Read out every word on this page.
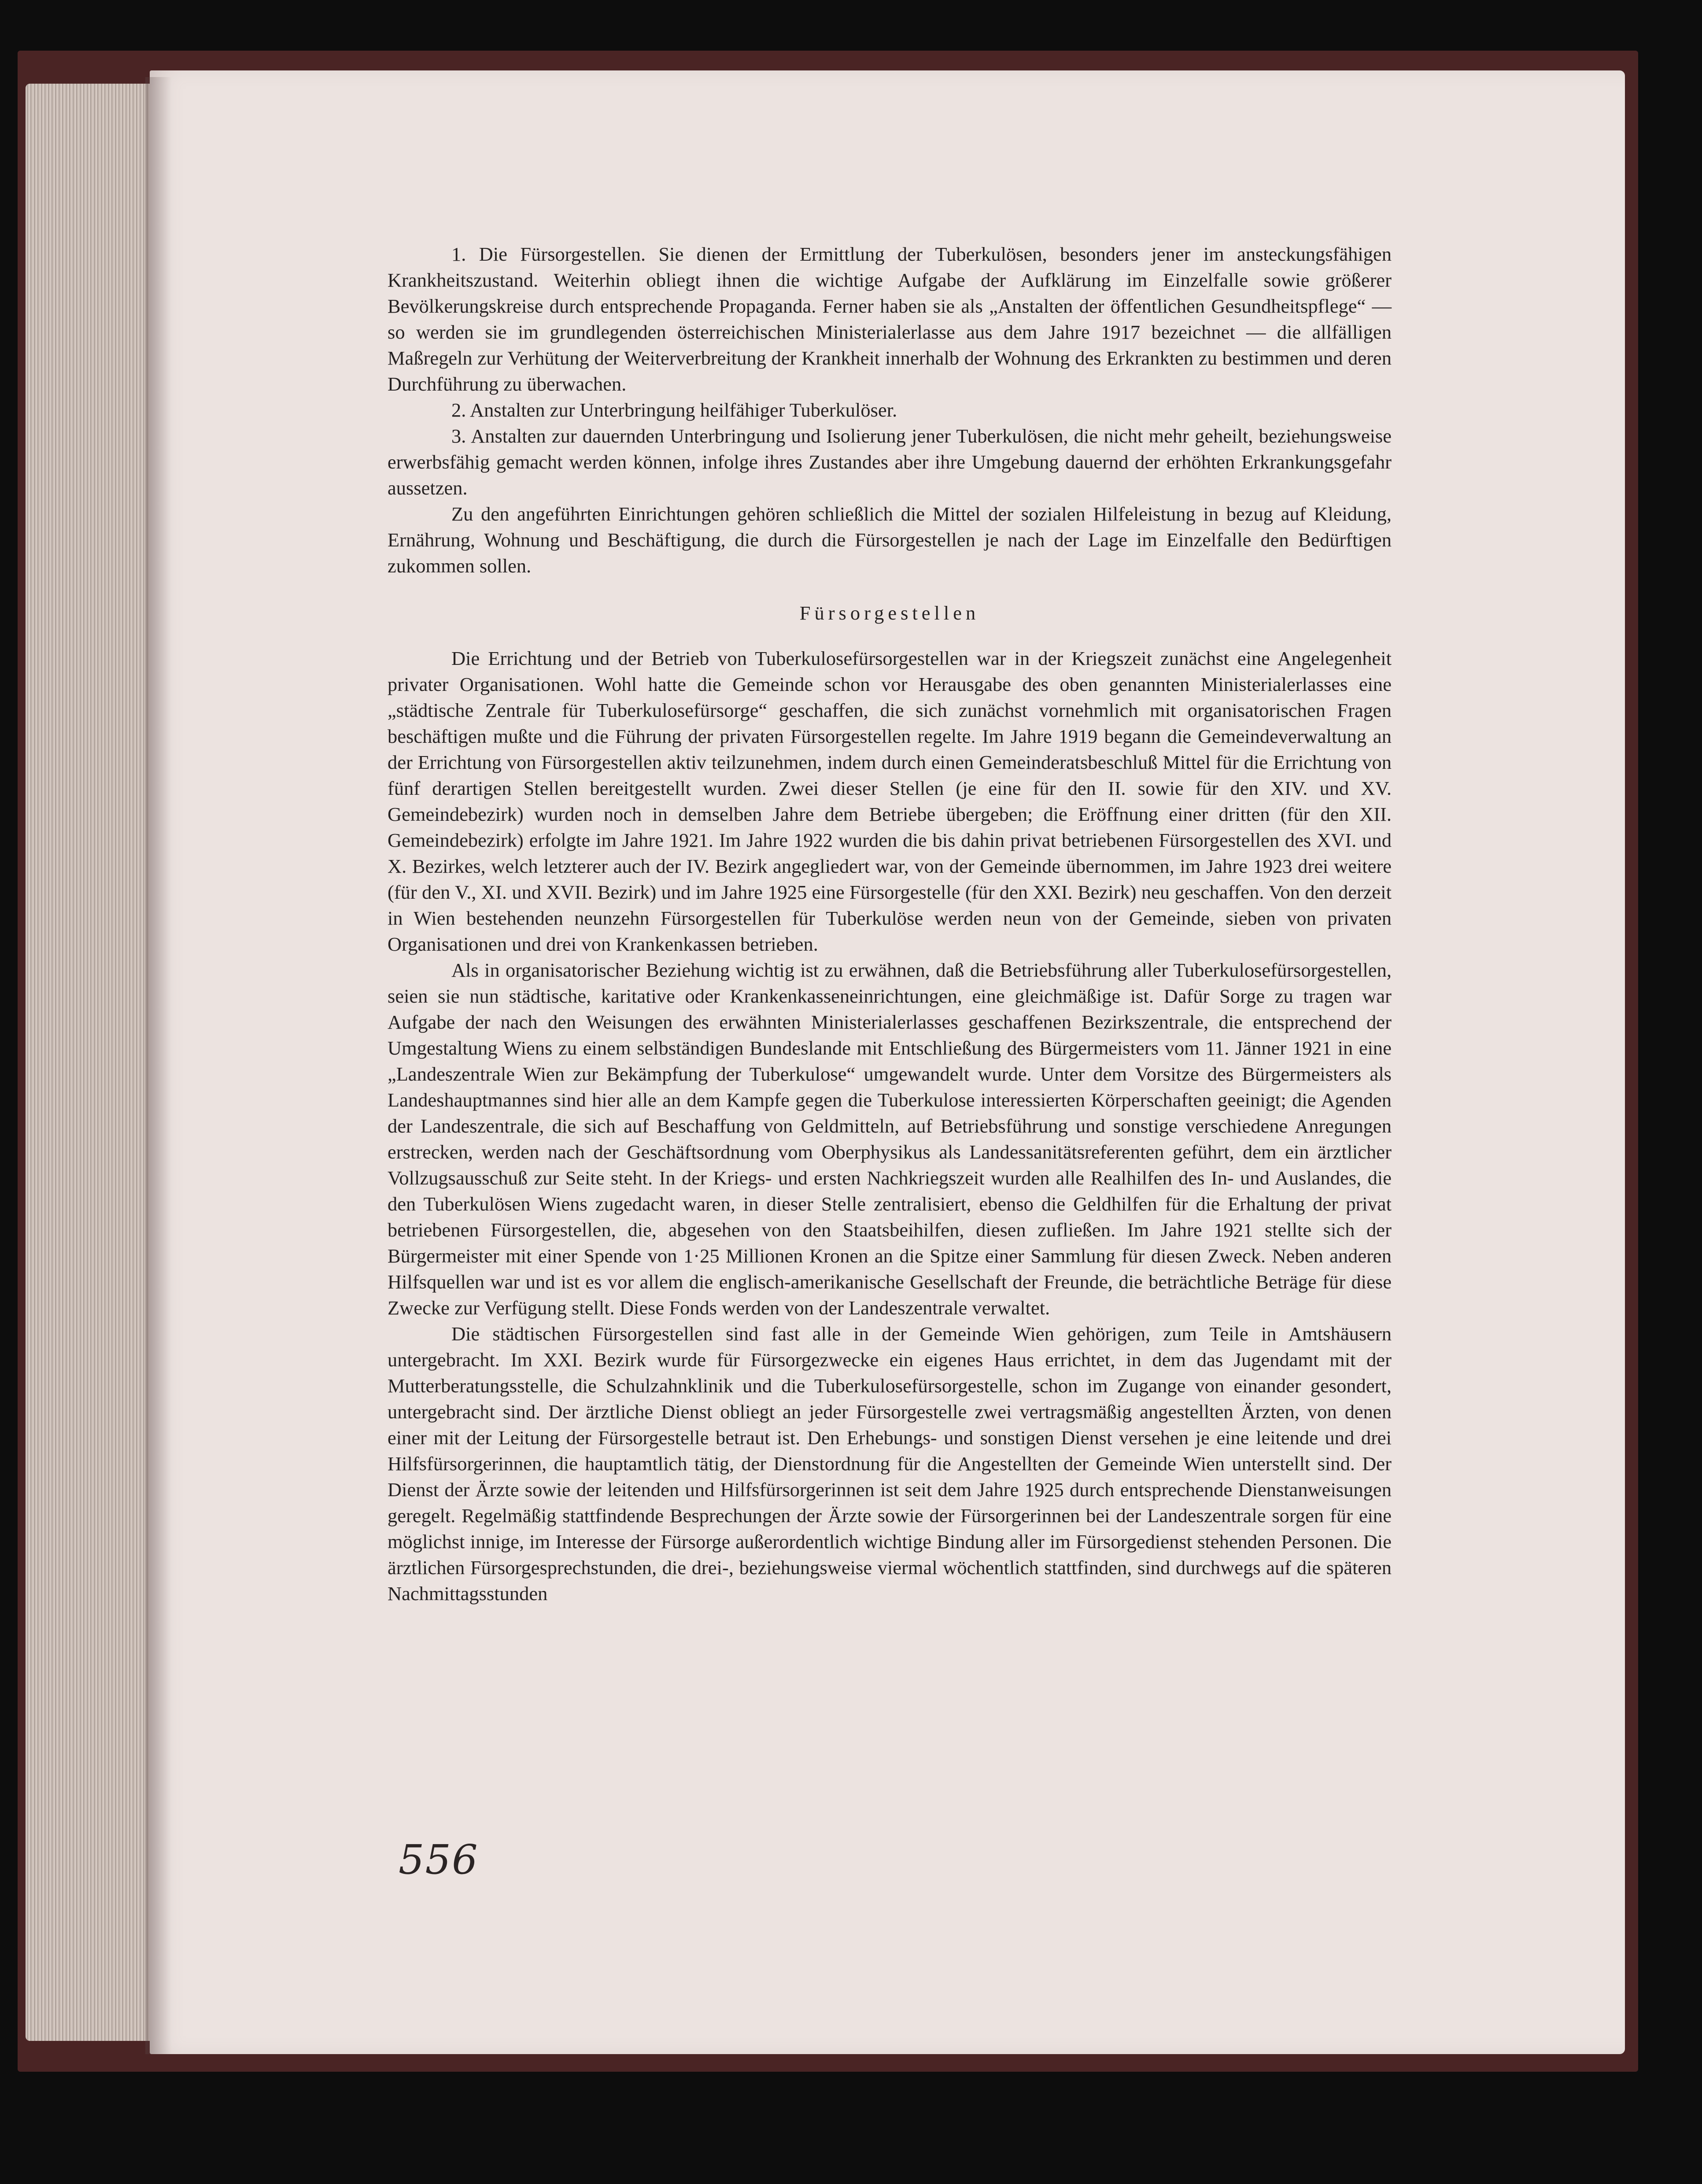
1. Die Fürsorgestellen. Sie dienen der Ermittlung der Tuberkulösen, besonders jener im ansteckungsfähigen Krankheitszustand. Weiterhin obliegt ihnen die wichtige Aufgabe der Aufklärung im Einzelfalle sowie größerer Bevölkerungskreise durch entsprechende Propaganda. Ferner haben sie als „Anstalten der öffentlichen Gesundheitspflege“ — so werden sie im grundlegenden österreichischen Ministerialerlasse aus dem Jahre 1917 bezeichnet — die allfälligen Maßregeln zur Verhütung der Weiterverbreitung der Krankheit innerhalb der Wohnung des Erkrankten zu bestimmen und deren Durchführung zu überwachen.

2. Anstalten zur Unterbringung heilfähiger Tuberkulöser.

3. Anstalten zur dauernden Unterbringung und Isolierung jener Tuberkulösen, die nicht mehr geheilt, beziehungsweise erwerbsfähig gemacht werden können, infolge ihres Zustandes aber ihre Umgebung dauernd der erhöhten Erkrankungsgefahr aussetzen.

Zu den angeführten Einrichtungen gehören schließlich die Mittel der sozialen Hilfeleistung in bezug auf Kleidung, Ernährung, Wohnung und Beschäftigung, die durch die Fürsorgestellen je nach der Lage im Einzelfalle den Bedürftigen zukommen sollen.

Fürsorgestellen

Die Errichtung und der Betrieb von Tuberkulosefürsorgestellen war in der Kriegszeit zunächst eine Angelegenheit privater Organisationen. Wohl hatte die Gemeinde schon vor Herausgabe des oben genannten Ministerialerlasses eine „städtische Zentrale für Tuberkulosefürsorge“ geschaffen, die sich zunächst vornehmlich mit organisatorischen Fragen beschäftigen mußte und die Führung der privaten Fürsorgestellen regelte. Im Jahre 1919 begann die Gemeindeverwaltung an der Errichtung von Fürsorgestellen aktiv teilzunehmen, indem durch einen Gemeinderatsbeschluß Mittel für die Errichtung von fünf derartigen Stellen bereitgestellt wurden. Zwei dieser Stellen (je eine für den II. sowie für den XIV. und XV. Gemeindebezirk) wurden noch in demselben Jahre dem Betriebe übergeben; die Eröffnung einer dritten (für den XII. Gemeindebezirk) erfolgte im Jahre 1921. Im Jahre 1922 wurden die bis dahin privat betriebenen Fürsorgestellen des XVI. und X. Bezirkes, welch letzterer auch der IV. Bezirk angegliedert war, von der Gemeinde übernommen, im Jahre 1923 drei weitere (für den V., XI. und XVII. Bezirk) und im Jahre 1925 eine Fürsorgestelle (für den XXI. Bezirk) neu geschaffen. Von den derzeit in Wien bestehenden neunzehn Fürsorgestellen für Tuberkulöse werden neun von der Gemeinde, sieben von privaten Organisationen und drei von Krankenkassen betrieben.

Als in organisatorischer Beziehung wichtig ist zu erwähnen, daß die Betriebsführung aller Tuberkulosefürsorgestellen, seien sie nun städtische, karitative oder Krankenkasseneinrichtungen, eine gleichmäßige ist. Dafür Sorge zu tragen war Aufgabe der nach den Weisungen des erwähnten Ministerialerlasses geschaffenen Bezirkszentrale, die entsprechend der Umgestaltung Wiens zu einem selbständigen Bundeslande mit Entschließung des Bürgermeisters vom 11. Jänner 1921 in eine „Landeszentrale Wien zur Bekämpfung der Tuberkulose“ umgewandelt wurde. Unter dem Vorsitze des Bürgermeisters als Landeshauptmannes sind hier alle an dem Kampfe gegen die Tuberkulose interessierten Körperschaften geeinigt; die Agenden der Landeszentrale, die sich auf Beschaffung von Geldmitteln, auf Betriebsführung und sonstige verschiedene Anregungen erstrecken, werden nach der Geschäftsordnung vom Oberphysikus als Landessanitätsreferenten geführt, dem ein ärztlicher Vollzugsausschuß zur Seite steht. In der Kriegs- und ersten Nachkriegszeit wurden alle Realhilfen des In- und Auslandes, die den Tuberkulösen Wiens zugedacht waren, in dieser Stelle zentralisiert, ebenso die Geldhilfen für die Erhaltung der privat betriebenen Fürsorgestellen, die, abgesehen von den Staatsbeihilfen, diesen zufließen. Im Jahre 1921 stellte sich der Bürgermeister mit einer Spende von 1·25 Millionen Kronen an die Spitze einer Sammlung für diesen Zweck. Neben anderen Hilfsquellen war und ist es vor allem die englisch-amerikanische Gesellschaft der Freunde, die beträchtliche Beträge für diese Zwecke zur Verfügung stellt. Diese Fonds werden von der Landeszentrale verwaltet.

Die städtischen Fürsorgestellen sind fast alle in der Gemeinde Wien gehörigen, zum Teile in Amtshäusern untergebracht. Im XXI. Bezirk wurde für Fürsorgezwecke ein eigenes Haus errichtet, in dem das Jugendamt mit der Mutterberatungsstelle, die Schulzahnklinik und die Tuberkulosefürsorgestelle, schon im Zugange von einander gesondert, untergebracht sind. Der ärztliche Dienst obliegt an jeder Fürsorgestelle zwei vertragsmäßig angestellten Ärzten, von denen einer mit der Leitung der Fürsorgestelle betraut ist. Den Erhebungs- und sonstigen Dienst versehen je eine leitende und drei Hilfsfürsorgerinnen, die hauptamtlich tätig, der Dienstordnung für die Angestellten der Gemeinde Wien unterstellt sind. Der Dienst der Ärzte sowie der leitenden und Hilfsfürsorgerinnen ist seit dem Jahre 1925 durch entsprechende Dienstanweisungen geregelt. Regelmäßig stattfindende Besprechungen der Ärzte sowie der Fürsorgerinnen bei der Landeszentrale sorgen für eine möglichst innige, im Interesse der Fürsorge außerordentlich wichtige Bindung aller im Fürsorgedienst stehenden Personen. Die ärztlichen Fürsorgesprechstunden, die drei-, beziehungsweise viermal wöchentlich stattfinden, sind durchwegs auf die späteren Nachmittagsstunden

556
